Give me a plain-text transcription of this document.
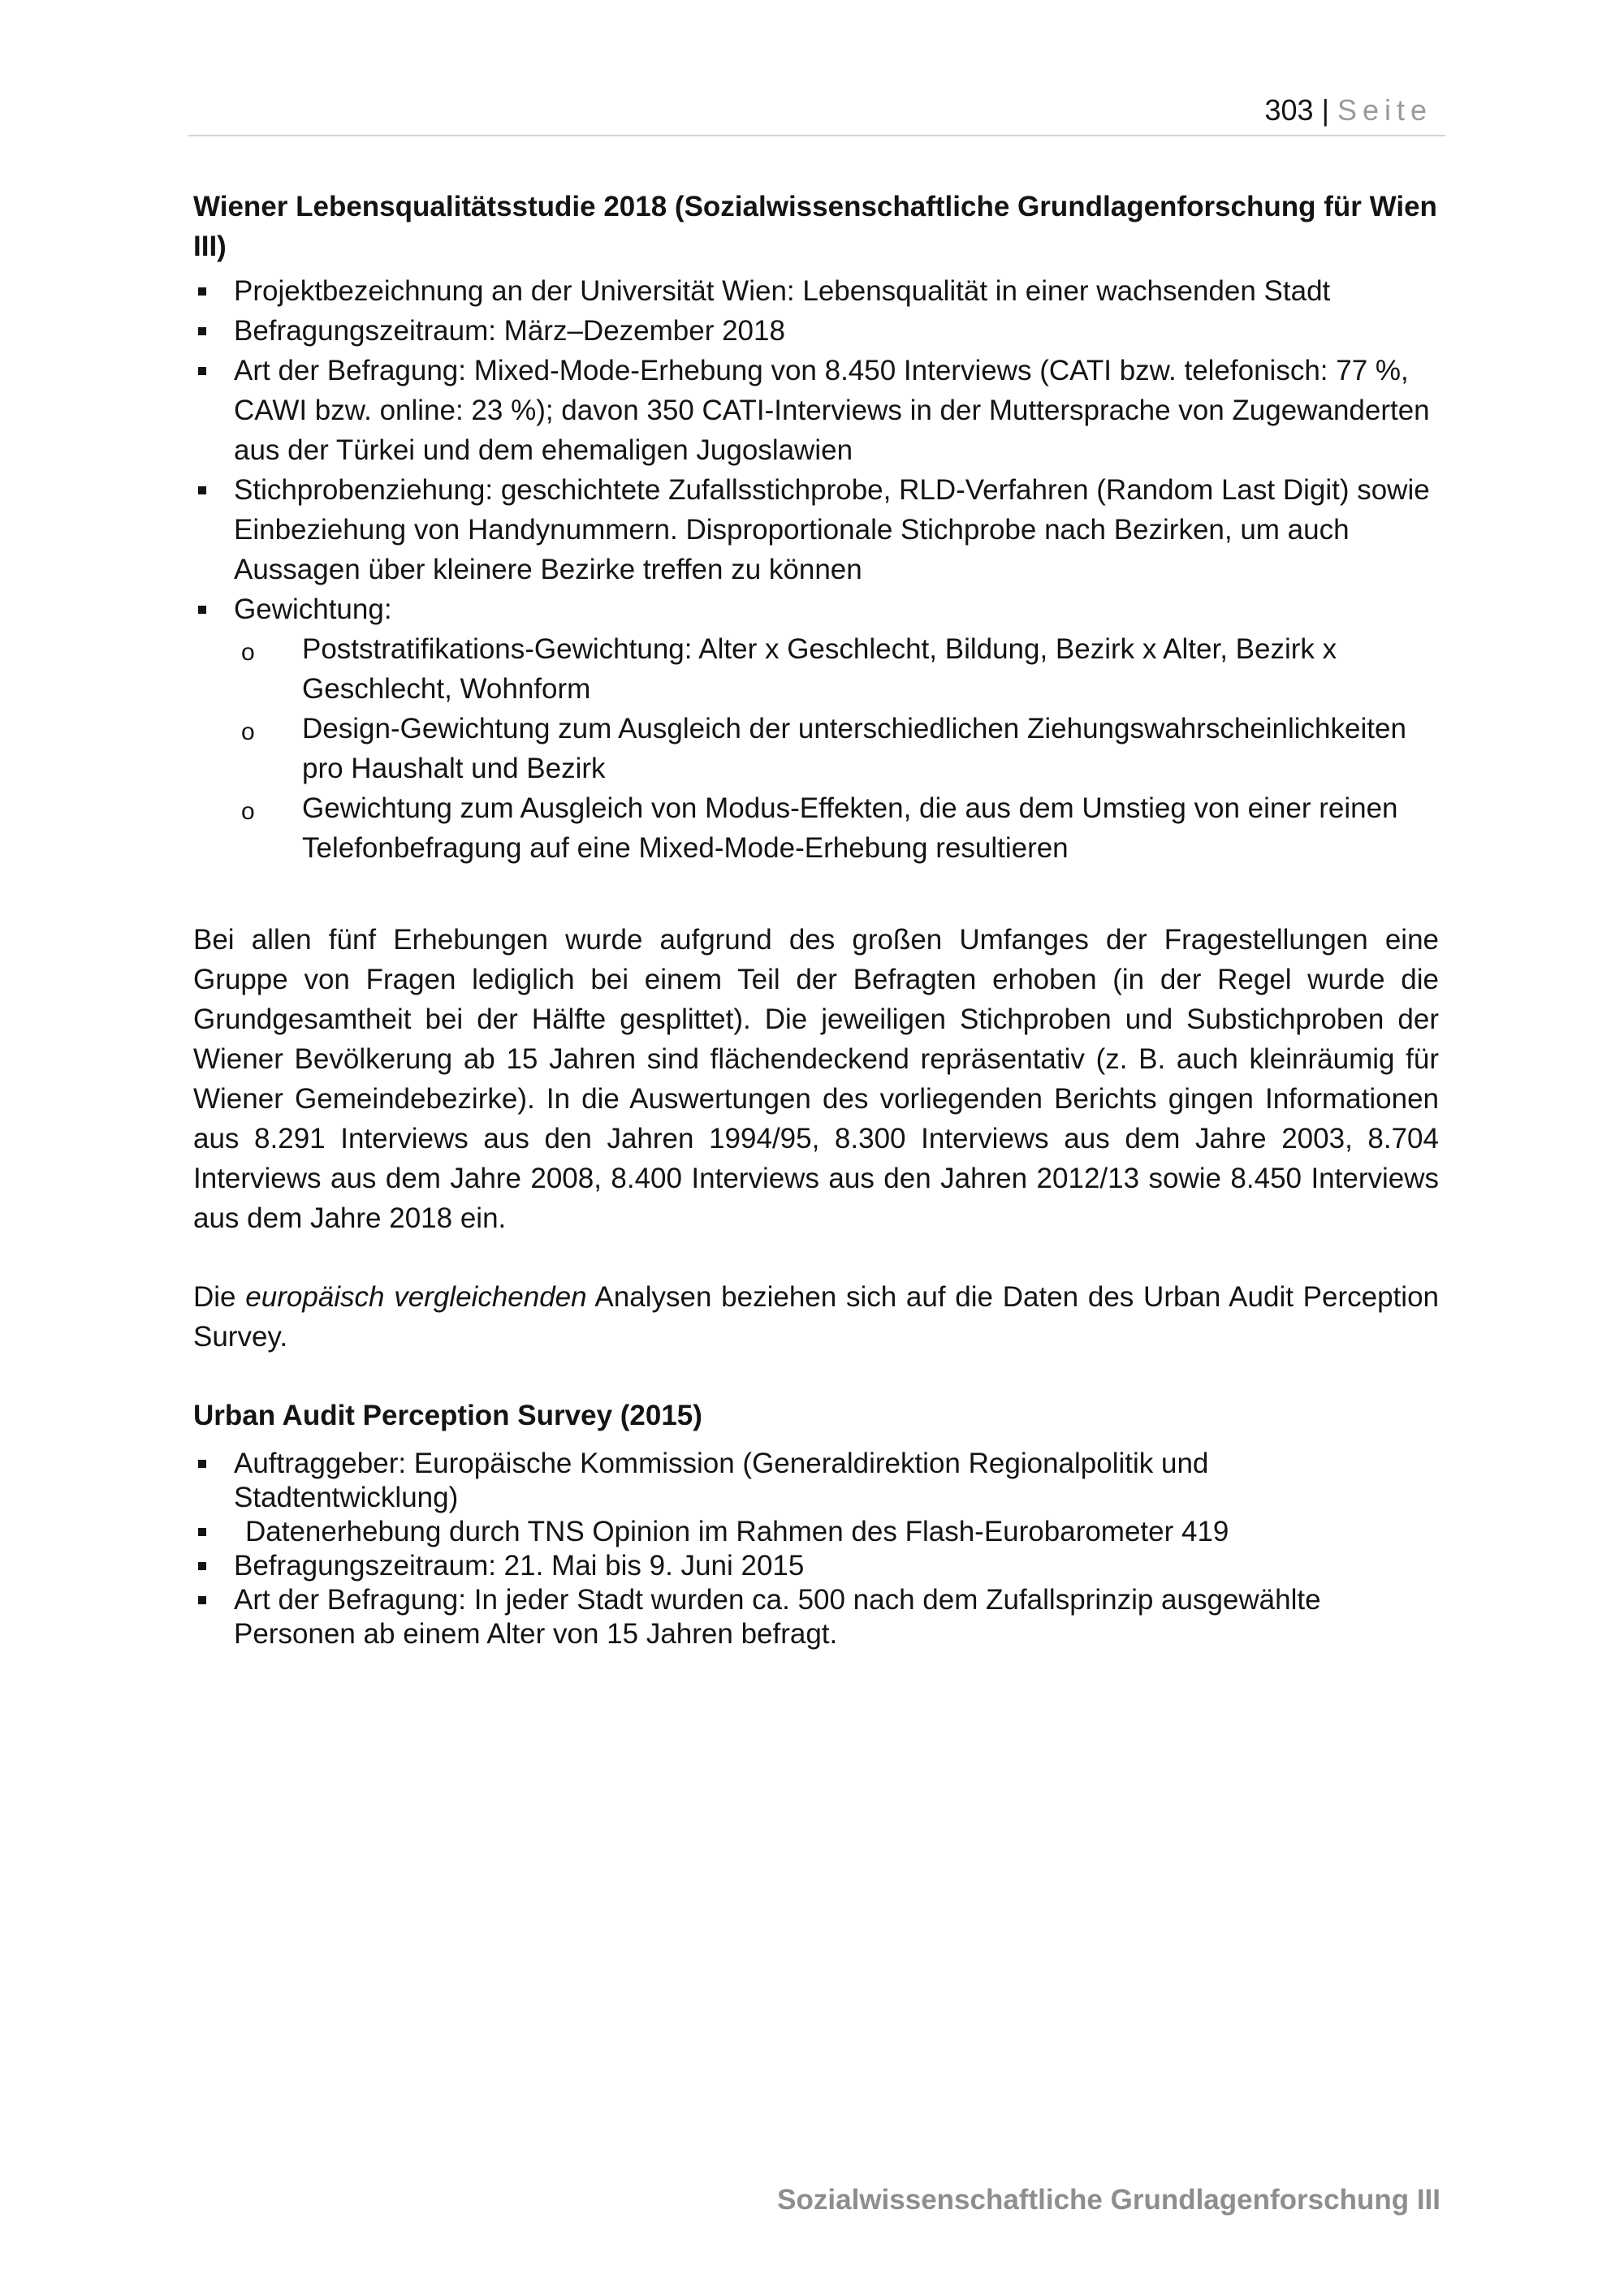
303 | Seite
Wiener Lebensqualitätsstudie 2018 (Sozialwissenschaftliche Grundlagenforschung für Wien III)
Projektbezeichnung an der Universität Wien: Lebensqualität in einer wachsenden Stadt
Befragungszeitraum: März–Dezember 2018
Art der Befragung: Mixed-Mode-Erhebung von 8.450 Interviews (CATI bzw. telefonisch: 77 %, CAWI bzw. online: 23 %); davon 350 CATI-Interviews in der Muttersprache von Zugewanderten aus der Türkei und dem ehemaligen Jugoslawien
Stichprobenziehung: geschichtete Zufallsstichprobe, RLD-Verfahren (Random Last Digit) sowie Einbeziehung von Handynummern. Disproportionale Stichprobe nach Bezirken, um auch Aussagen über kleinere Bezirke treffen zu können
Gewichtung:
o Poststratifikations-Gewichtung: Alter x Geschlecht, Bildung, Bezirk x Alter, Bezirk x Geschlecht, Wohnform
o Design-Gewichtung zum Ausgleich der unterschiedlichen Ziehungswahrscheinlichkeiten pro Haushalt und Bezirk
o Gewichtung zum Ausgleich von Modus-Effekten, die aus dem Umstieg von einer reinen Telefonbefragung auf eine Mixed-Mode-Erhebung resultieren

Bei allen fünf Erhebungen wurde aufgrund des großen Umfanges der Fragestellungen eine Gruppe von Fragen lediglich bei einem Teil der Befragten erhoben (in der Regel wurde die Grundgesamtheit bei der Hälfte gesplittet). Die jeweiligen Stichproben und Substichproben der Wiener Bevölkerung ab 15 Jahren sind flächendeckend repräsentativ (z. B. auch kleinräumig für Wiener Gemeindebezirke). In die Auswertungen des vorliegenden Berichts gingen Informationen aus 8.291 Interviews aus den Jahren 1994/95, 8.300 Interviews aus dem Jahre 2003, 8.704 Interviews aus dem Jahre 2008, 8.400 Interviews aus den Jahren 2012/13 sowie 8.450 Interviews aus dem Jahre 2018 ein.

Die europäisch vergleichenden Analysen beziehen sich auf die Daten des Urban Audit Perception Survey.

Urban Audit Perception Survey (2015)
Auftraggeber: Europäische Kommission (Generaldirektion Regionalpolitik und Stadtentwicklung)
Datenerhebung durch TNS Opinion im Rahmen des Flash-Eurobarometer 419
Befragungszeitraum: 21. Mai bis 9. Juni 2015
Art der Befragung: In jeder Stadt wurden ca. 500 nach dem Zufallsprinzip ausgewählte Personen ab einem Alter von 15 Jahren befragt.
Sozialwissenschaftliche Grundlagenforschung III
